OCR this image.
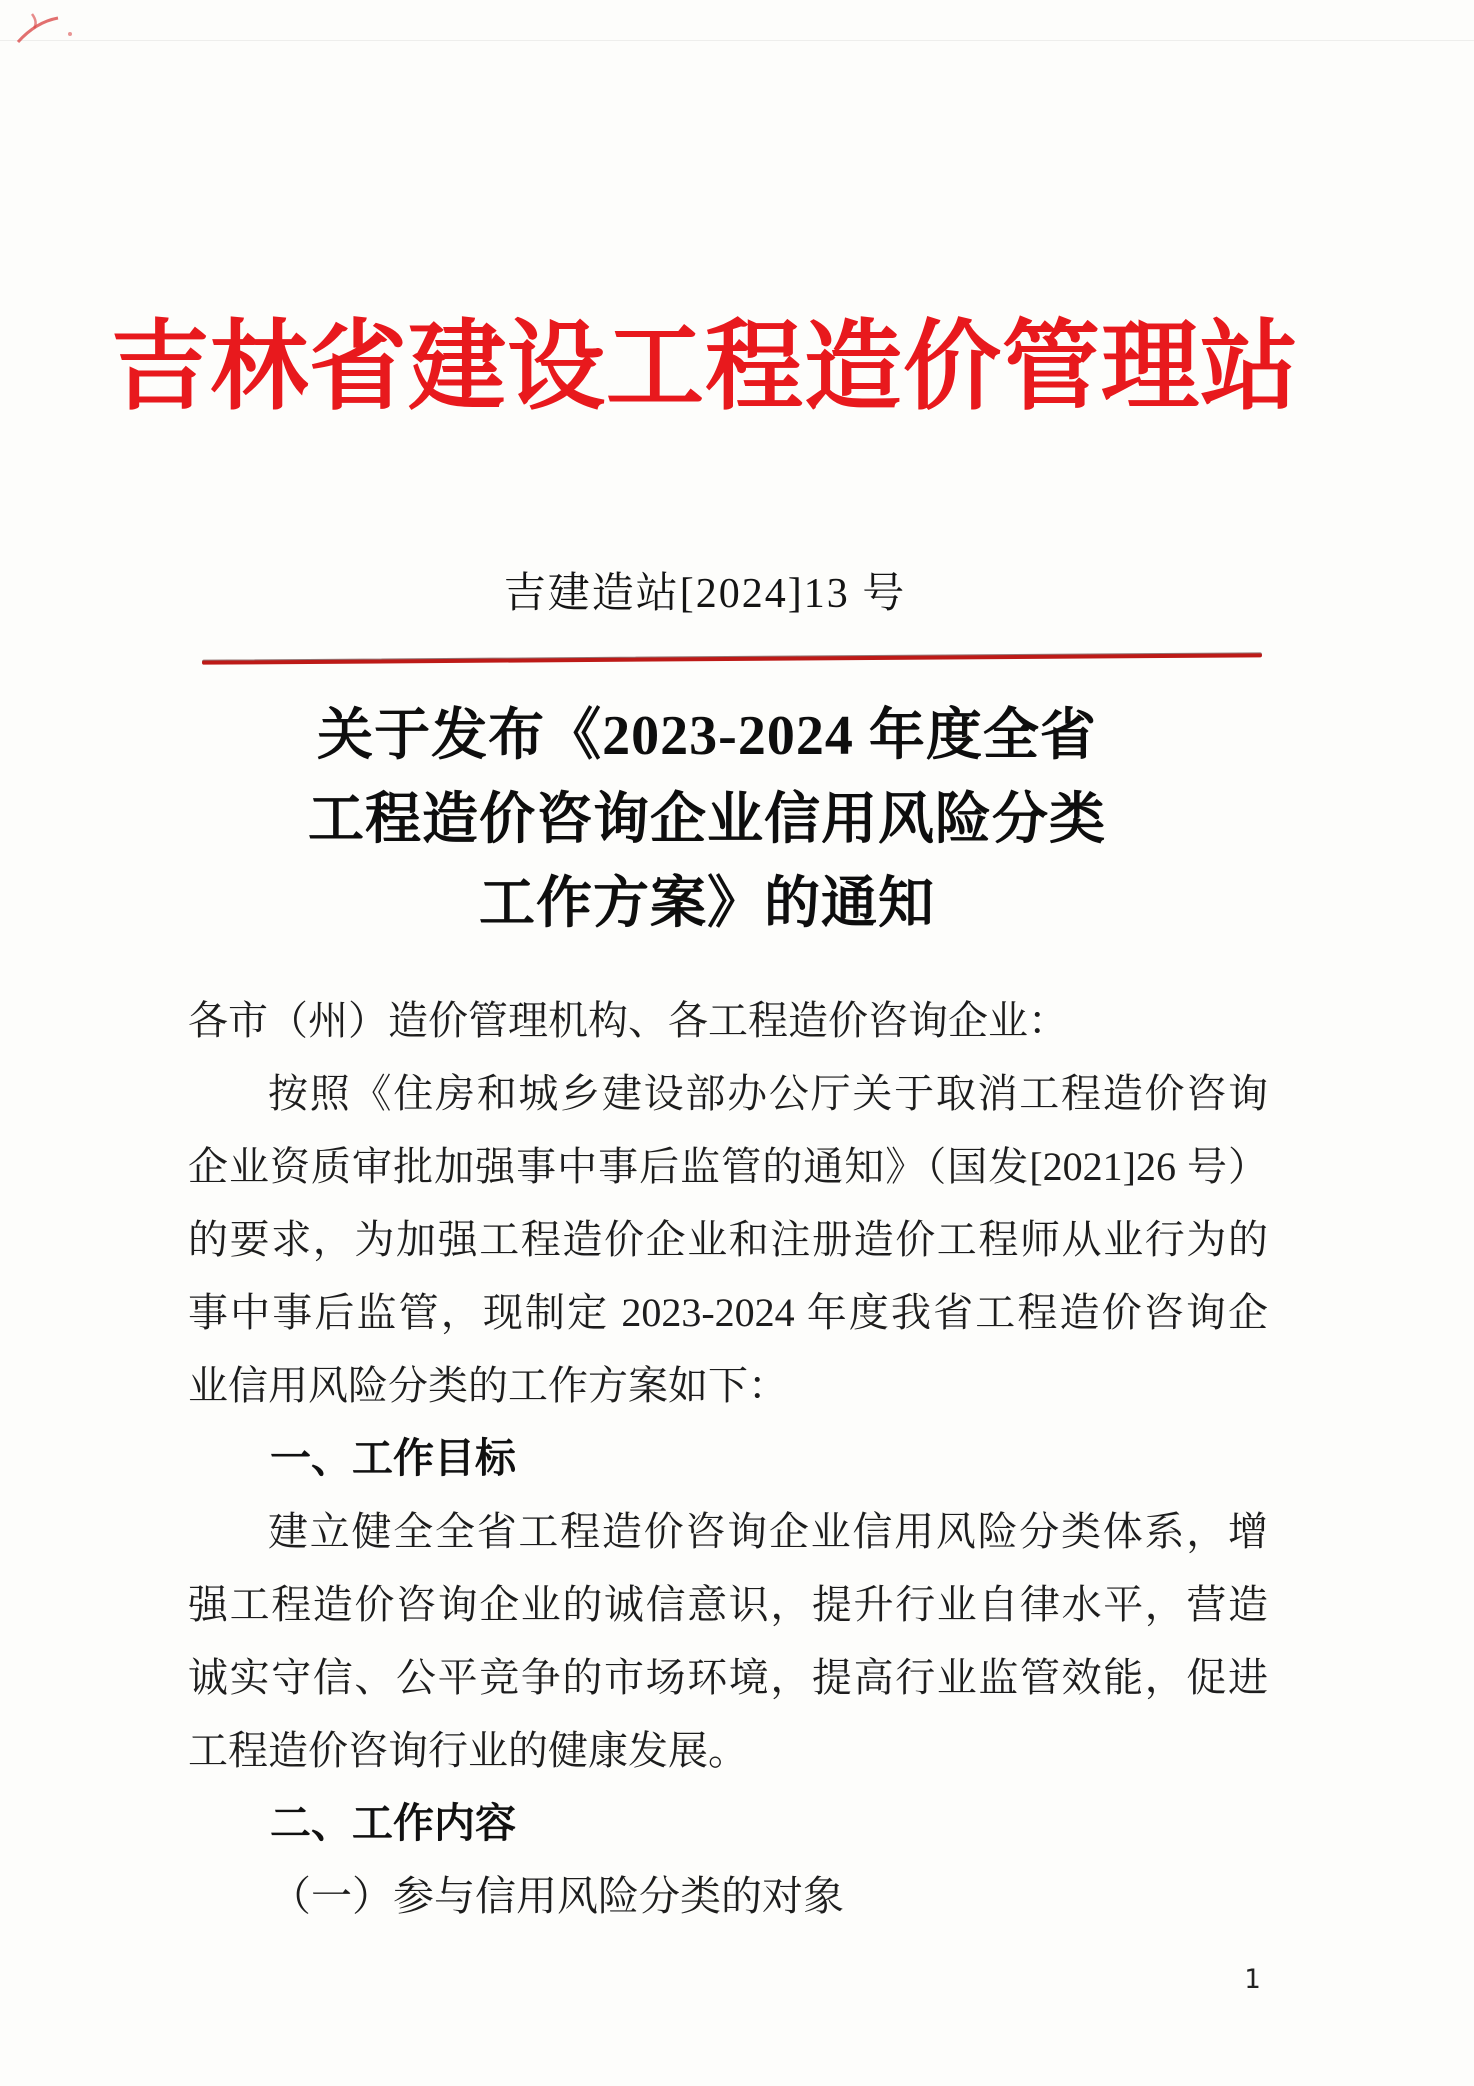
吉林省建设工程造价管理站
吉建造站[2024]13 号
关于发布《2023-2024 年度全省
工程造价咨询企业信用风险分类
工作方案》的通知

各市（州）造价管理机构、各工程造价咨询企业：

按照《住房和城乡建设部办公厅关于取消工程造价咨询

企业资质审批加强事中事后监管的通知》（国发[2021]26 号）

的要求，为加强工程造价企业和注册造价工程师从业行为的

事中事后监管，现制定 2023-2024 年度我省工程造价咨询企

业信用风险分类的工作方案如下：

一、工作目标

建立健全全省工程造价咨询企业信用风险分类体系，增

强工程造价咨询企业的诚信意识，提升行业自律水平，营造

诚实守信、公平竞争的市场环境，提高行业监管效能，促进

工程造价咨询行业的健康发展。

二、工作内容

（一）参与信用风险分类的对象

1
